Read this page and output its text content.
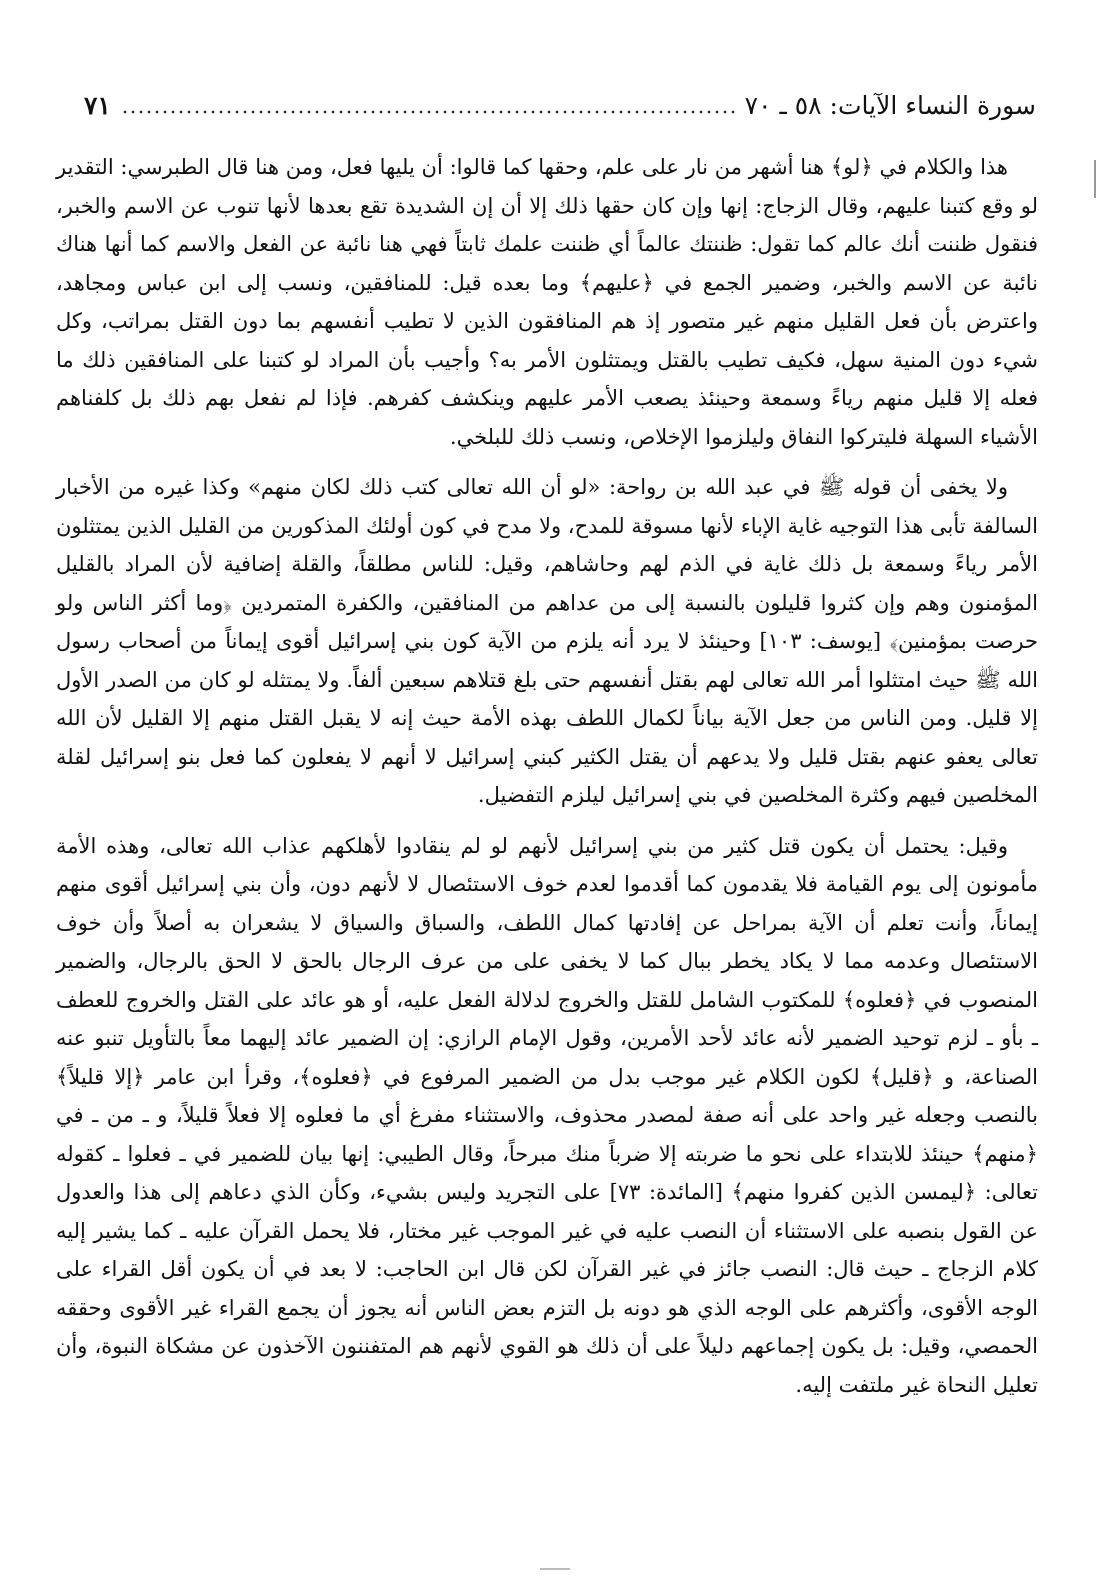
سورة النساء الآيات: ٥٨ ـ ٧٠
٧١

هذا والكلام في ﴿لو﴾ هنا أشهر من نار على علم، وحقها كما قالوا: أن يليها فعل، ومن هنا قال الطبرسي: التقدير لو وقع كتبنا عليهم، وقال الزجاج: إنها وإن كان حقها ذلك إلا أن إن الشديدة تقع بعدها لأنها تنوب عن الاسم والخبر، فنقول ظننت أنك عالم كما تقول: ظننتك عالماً أي ظننت علمك ثابتاً فهي هنا نائبة عن الفعل والاسم كما أنها هناك نائبة عن الاسم والخبر، وضمير الجمع في ﴿عليهم﴾ وما بعده قيل: للمنافقين، ونسب إلى ابن عباس ومجاهد، واعترض بأن فعل القليل منهم غير متصور إذ هم المنافقون الذين لا تطيب أنفسهم بما دون القتل بمراتب، وكل شيء دون المنية سهل، فكيف تطيب بالقتل ويمتثلون الأمر به؟ وأجيب بأن المراد لو كتبنا على المنافقين ذلك ما فعله إلا قليل منهم رياءً وسمعة وحينئذ يصعب الأمر عليهم وينكشف كفرهم. فإذا لم نفعل بهم ذلك بل كلفناهم الأشياء السهلة فليتركوا النفاق وليلزموا الإخلاص، ونسب ذلك للبلخي.

ولا يخفى أن قوله ﷺ في عبد الله بن رواحة: «لو أن الله تعالى كتب ذلك لكان منهم» وكذا غيره من الأخبار السالفة تأبى هذا التوجيه غاية الإباء لأنها مسوقة للمدح، ولا مدح في كون أولئك المذكورين من القليل الذين يمتثلون الأمر رياءً وسمعة بل ذلك غاية في الذم لهم وحاشاهم، وقيل: للناس مطلقاً، والقلة إضافية لأن المراد بالقليل المؤمنون وهم وإن كثروا قليلون بالنسبة إلى من عداهم من المنافقين، والكفرة المتمردين ﴿وما أكثر الناس ولو حرصت بمؤمنين﴾ [يوسف: ١٠٣] وحينئذ لا يرد أنه يلزم من الآية كون بني إسرائيل أقوى إيماناً من أصحاب رسول الله ﷺ حيث امتثلوا أمر الله تعالى لهم بقتل أنفسهم حتى بلغ قتلاهم سبعين ألفاً. ولا يمتثله لو كان من الصدر الأول إلا قليل. ومن الناس من جعل الآية بياناً لكمال اللطف بهذه الأمة حيث إنه لا يقبل القتل منهم إلا القليل لأن الله تعالى يعفو عنهم بقتل قليل ولا يدعهم أن يقتل الكثير كبني إسرائيل لا أنهم لا يفعلون كما فعل بنو إسرائيل لقلة المخلصين فيهم وكثرة المخلصين في بني إسرائيل ليلزم التفضيل.

وقيل: يحتمل أن يكون قتل كثير من بني إسرائيل لأنهم لو لم ينقادوا لأهلكهم عذاب الله تعالى، وهذه الأمة مأمونون إلى يوم القيامة فلا يقدمون كما أقدموا لعدم خوف الاستئصال لا لأنهم دون، وأن بني إسرائيل أقوى منهم إيماناً، وأنت تعلم أن الآية بمراحل عن إفادتها كمال اللطف، والسباق والسياق لا يشعران به أصلاً وأن خوف الاستئصال وعدمه مما لا يكاد يخطر ببال كما لا يخفى على من عرف الرجال بالحق لا الحق بالرجال، والضمير المنصوب في ﴿فعلوه﴾ للمكتوب الشامل للقتل والخروج لدلالة الفعل عليه، أو هو عائد على القتل والخروج للعطف ـ بأو ـ لزم توحيد الضمير لأنه عائد لأحد الأمرين، وقول الإمام الرازي: إن الضمير عائد إليهما معاً بالتأويل تنبو عنه الصناعة، و ﴿قليل﴾ لكون الكلام غير موجب بدل من الضمير المرفوع في ﴿فعلوه﴾، وقرأ ابن عامر ﴿إلا قليلاً﴾ بالنصب وجعله غير واحد على أنه صفة لمصدر محذوف، والاستثناء مفرغ أي ما فعلوه إلا فعلاً قليلاً، و ـ من ـ في ﴿منهم﴾ حينئذ للابتداء على نحو ما ضربته إلا ضرباً منك مبرحاً، وقال الطيبي: إنها بيان للضمير في ـ فعلوا ـ كقوله تعالى: ﴿ليمسن الذين كفروا منهم﴾ [المائدة: ٧٣] على التجريد وليس بشيء، وكأن الذي دعاهم إلى هذا والعدول عن القول بنصبه على الاستثناء أن النصب عليه في غير الموجب غير مختار، فلا يحمل القرآن عليه ـ كما يشير إليه كلام الزجاج ـ حيث قال: النصب جائز في غير القرآن لكن قال ابن الحاجب: لا بعد في أن يكون أقل القراء على الوجه الأقوى، وأكثرهم على الوجه الذي هو دونه بل التزم بعض الناس أنه يجوز أن يجمع القراء غير الأقوى وحققه الحمصي، وقيل: بل يكون إجماعهم دليلاً على أن ذلك هو القوي لأنهم هم المتفننون الآخذون عن مشكاة النبوة، وأن تعليل النحاة غير ملتفت إليه.
